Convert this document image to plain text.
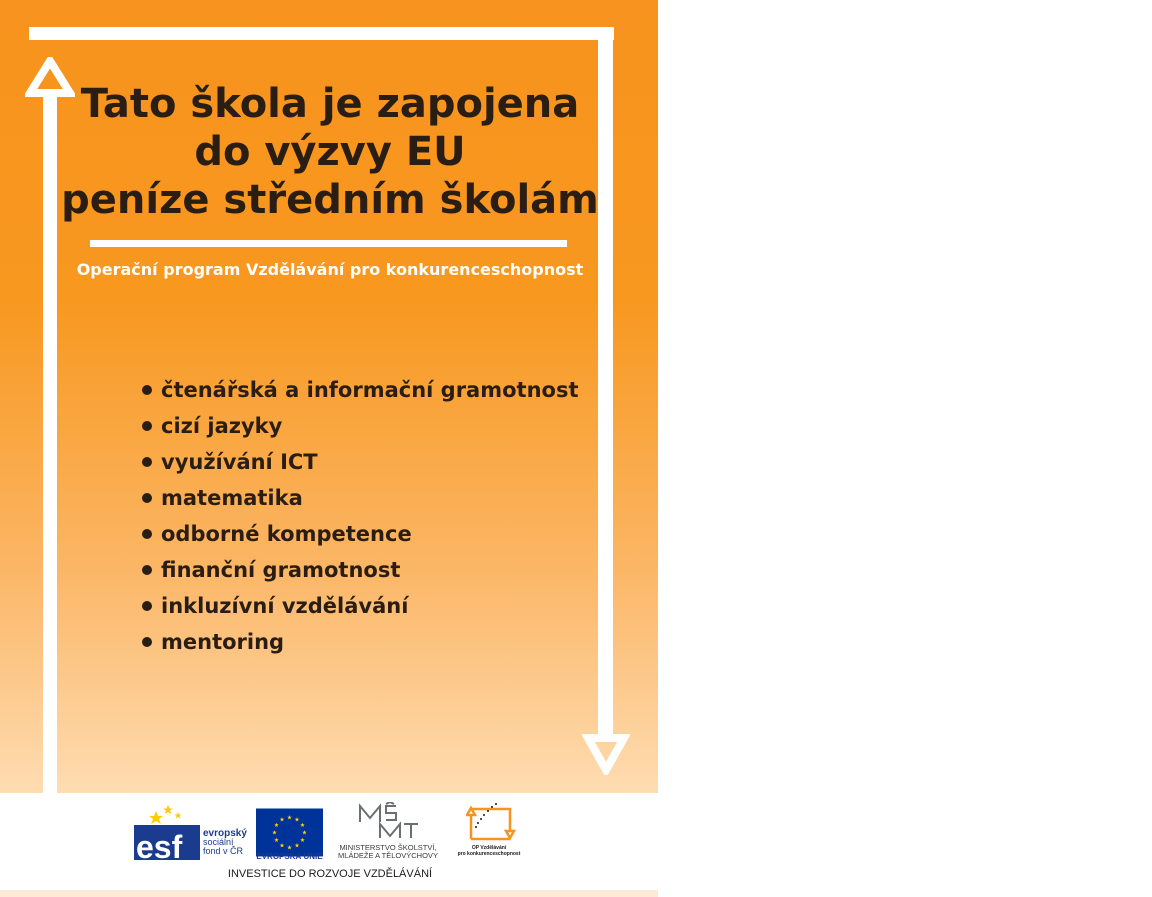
Tato škola je zapojena
do výzvy EU
peníze středním školám
Operační program Vzdělávání pro konkurenceschopnost
čtenářská a informační gramotnost
cizí jazyky
využívání ICT
matematika
odborné kompetence
finanční gramotnost
inkluzívní vzdělávání
mentoring
esf evropský
sociální
fond v ČR
EVROPSKÁ UNIE
MINISTERSTVO ŠKOLSTVÍ,
MLÁDEŽE A TĚLOVÝCHOVY
OP Vzdělávání
pro konkurenceschopnost
INVESTICE DO ROZVOJE VZDĚLÁVÁNÍ
